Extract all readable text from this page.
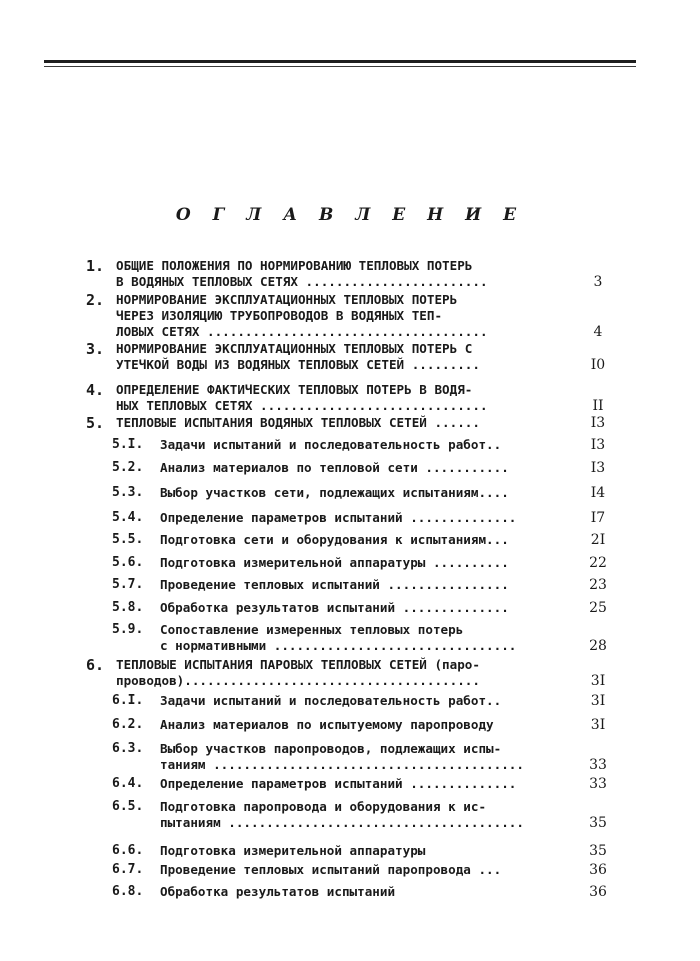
О Г Л А В Л Е Н И Е
1. ОБЩИЕ ПОЛОЖЕНИЯ ПО НОРМИРОВАНИЮ ТЕПЛОВЫХ ПОТЕРЬ
В ВОДЯНЫХ ТЕПЛОВЫХ СЕТЯХ ........................	3
2. НОРМИРОВАНИЕ ЭКСПЛУАТАЦИОННЫХ ТЕПЛОВЫХ ПОТЕРЬ
ЧЕРЕЗ ИЗОЛЯЦИЮ ТРУБОПРОВОДОВ В ВОДЯНЫХ ТЕП-
ЛОВЫХ СЕТЯХ .....................................	4
3. НОРМИРОВАНИЕ ЭКСПЛУАТАЦИОННЫХ ТЕПЛОВЫХ ПОТЕРЬ С
УТЕЧКОЙ ВОДЫ ИЗ ВОДЯНЫХ ТЕПЛОВЫХ СЕТЕЙ .........	I0
4. ОПРЕДЕЛЕНИЕ ФАКТИЧЕСКИХ ТЕПЛОВЫХ ПОТЕРЬ В ВОДЯ-
НЫХ ТЕПЛОВЫХ СЕТЯХ ..............................	II
5. ТЕПЛОВЫЕ ИСПЫТАНИЯ ВОДЯНЫХ ТЕПЛОВЫХ СЕТЕЙ ......	I3
5.I. Задачи испытаний и последовательность работ..	I3
5.2. Анализ материалов по тепловой сети ...........	I3
5.3. Выбор участков сети, подлежащих испытаниям....	I4
5.4. Определение параметров испытаний ..............	I7
5.5. Подготовка сети и оборудования к испытаниям...	2I
5.6. Подготовка измерительной аппаратуры ..........	22
5.7. Проведение тепловых испытаний ................	23
5.8. Обработка результатов испытаний ..............	25
5.9. Сопоставление измеренных тепловых потерь
с нормативными ................................	28
6. ТЕПЛОВЫЕ ИСПЫТАНИЯ ПАРОВЫХ ТЕПЛОВЫХ СЕТЕЙ (паро-
проводов).......................................	3I
6.I. Задачи испытаний и последовательность работ..	3I
6.2. Анализ материалов по испытуемому паропроводу	3I
6.3. Выбор участков паропроводов, подлежащих испы-
таниям .........................................	33
6.4. Определение параметров испытаний ..............	33
6.5. Подготовка паропровода и оборудования к ис-
пытаниям .......................................	35
6.6. Подготовка измерительной аппаратуры	35
6.7. Проведение тепловых испытаний паропровода ...	36
6.8. Обработка результатов испытаний	36
